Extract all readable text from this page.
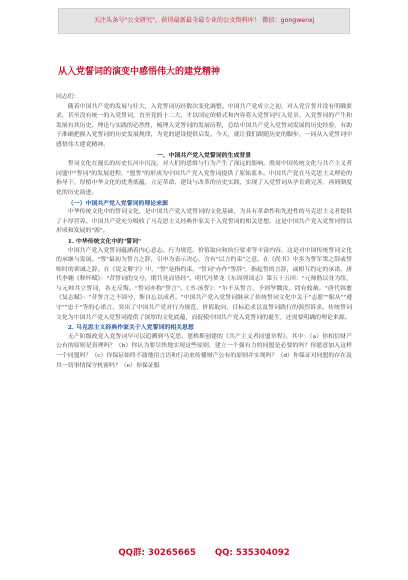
关注头条号"公文研究"，获得最新最全最专业的公文资料库！ 微信：gongwenxj
从入党誓词的演变中感悟伟大的建党精神

同志们：

随着中国共产党的发展与壮大，入党誓词历经数次变化调整。中国共产党成立之初，对入党宣誓并没有明确要求，甚至没有统一的入党誓词，直至党的十二大，才以国定的格式和内容将入党誓词写入党章。入党誓词的产生和发展有其历史、理论与实践的必然性，梳理入党誓词的发展历程，总结中国共产党入党誓词发展的历史经验，有助于准确把握入党誓词的历史发展规律，为党的建设提供启发。今天，就让我们跟随历史的脚步，一同从入党誓词中感悟伟大建党精神。

一、中国共产党入党誓词的生成背景

誓词文化在漫长的历史长河中沉淀，对人们的思维与行为产生了深远的影响。殷周中国传统文化与共产主义者同盟中"誓词"的发展进程，"盟誓"的形成为中国共产党入党誓词提供了原始蓝本。中国共产党在马克思主义理论的指导下，厚植中华文化的优秀底蕴，立足革命、建设与改革的历史实践，实现了入党誓词从孕育到完善，再到制度化的历史演进。

（一）中国共产党入党誓词的理论来源

中华传统文化中的誓词文化，是中国共产党入党誓词的文化基础，为具有革命性和先进性的马克思主义者提供了丰厚营养。中国共产党充分吸收了马克思主义经典作家关于入党誓词的相关思想，这是中国共产党入党誓词得以形成和发展的"源"。

1. 中华传统文化中的"誓词"

中国共产党入党誓词蕴涵着内心意志、行为规范、价值取向和执行要求等丰富内容，这是对中国传统誓词文化的承继与发展。"誓"最初为誓言之辞，引申为表示决心，含有"以言约束"之意。在《尚书》中多为誓军衆之辞或誓师时的训诫之辞。在《说文解字》中，"誓"是指约束。"誓词"亦作"誓辞"，指起誓的言辞，或相互约定的承诺。唐代李翱《释怀赋》："昔誓词的交兮，期共死而皆经"。明代冯梦龙《东周列国志》第五十五回："元帅偕以身为纽，与元帅共立誓词，各无反悔。"誓词亦称"誓言"。《书·汤誓》："尔不从誓言，予则孥戮汝，罔有攸赦。"唐代韩愈《复志赋》："昔誓言之不固兮，斯自忘以成者。"中国共产党入党誓词继承了传统誓词文化中关于"志愿""服从""遵守""忠于"等的心诺言，突出了中国共产党对行为规范、价值取向、目标追求以及誓词践行的强烈诉求。传统誓词文化为中国共产党入党誓词提供了深厚的文化底蕴，而促使中国共产党入党誓词的诞生，还需要明确的理论来源。

2. 马克思主义经典作家关于入党誓词的相关思想

无产阶级政党入党誓词早可以追溯到马克思、恩格斯创建的《共产主义者同盟章程》，其中：（a）你相信财产公有的原则是真理吗？（b）你认为要尽快地实现这些原则，建立一个强有力的同盟是必要的吗？你愿意加入这样一个同盟吗？（c）你保证始终不渝地用言语和行动来传播财产公有的原则并实现吗？（d）你保证对同盟的存在及其一切事情保守机密吗？（e）你保证服

QQ群: 30265665 QQ: 535304092
